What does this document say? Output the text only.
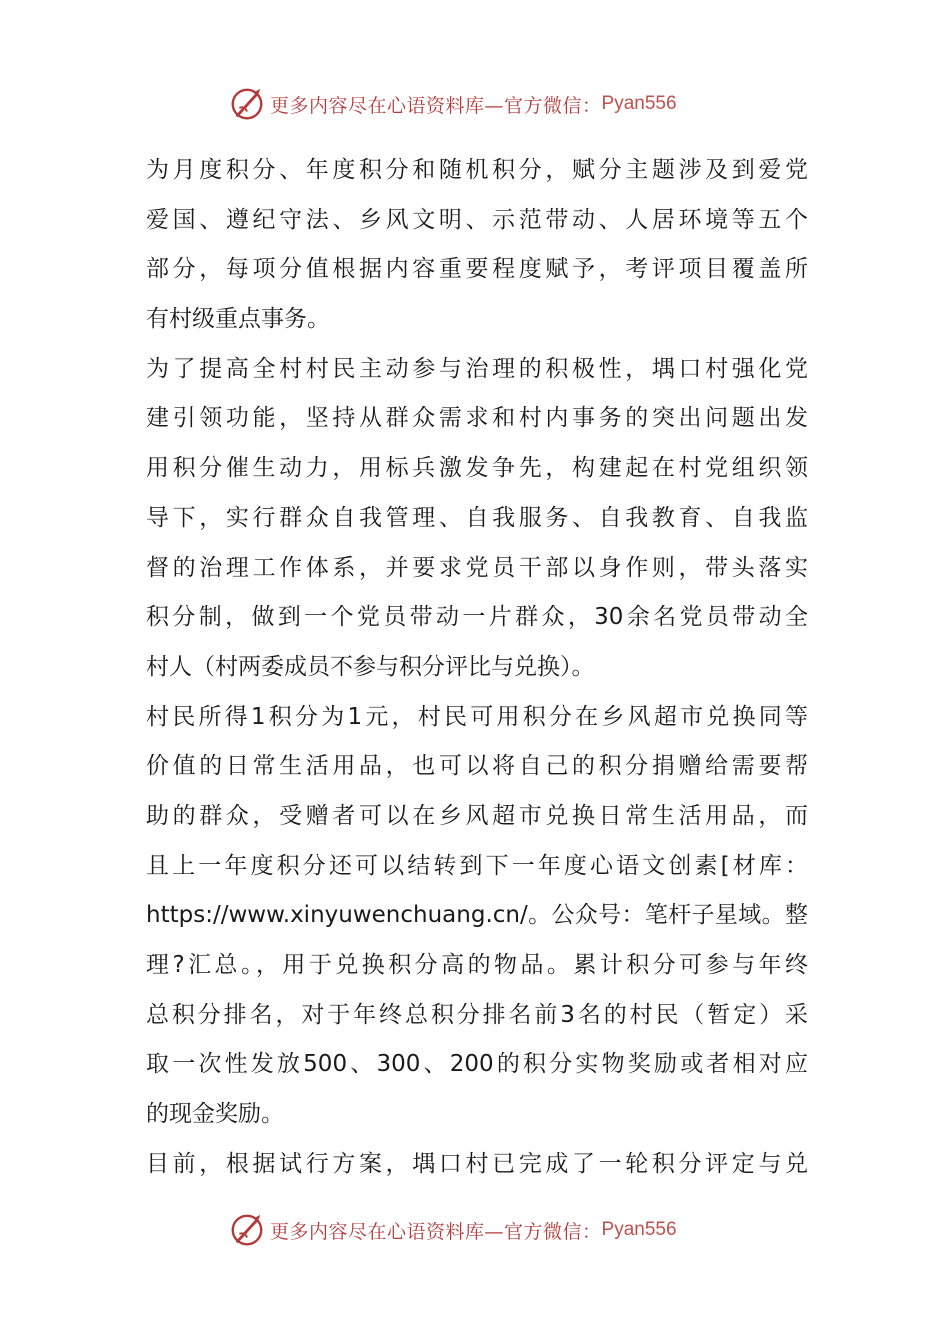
更多内容尽在心语资料库—官方微信： Pyan556
为月度积分、年度积分和随机积分，赋分主题涉及到爱党
爱国、遵纪守法、乡风文明、示范带动、人居环境等五个
部分，每项分值根据内容重要程度赋予，考评项目覆盖所
有村级重点事务。
为了提高全村村民主动参与治理的积极性，堣口村强化党
建引领功能，坚持从群众需求和村内事务的突出问题出发
用积分催生动力，用标兵激发争先，构建起在村党组织领
导下，实行群众自我管理、自我服务、自我教育、自我监
督的治理工作体系，并要求党员干部以身作则，带头落实
积分制，做到一个党员带动一片群众，30余名党员带动全
村人（村两委成员不参与积分评比与兑换）。
村民所得1积分为1元，村民可用积分在乡风超市兑换同等
价值的日常生活用品，也可以将自己的积分捐赠给需要帮
助的群众，受赠者可以在乡风超市兑换日常生活用品，而
且上一年度积分还可以结转到下一年度心语文创素[材库：
https://www.xinyuwenchuang.cn/。公众号：笔杆子星域。整
理?汇总。，用于兑换积分高的物品。累计积分可参与年终
总积分排名，对于年终总积分排名前3名的村民（暂定）采
取一次性发放500、300、200的积分实物奖励或者相对应
的现金奖励。
目前，根据试行方案，堣口村已完成了一轮积分评定与兑
更多内容尽在心语资料库—官方微信： Pyan556
